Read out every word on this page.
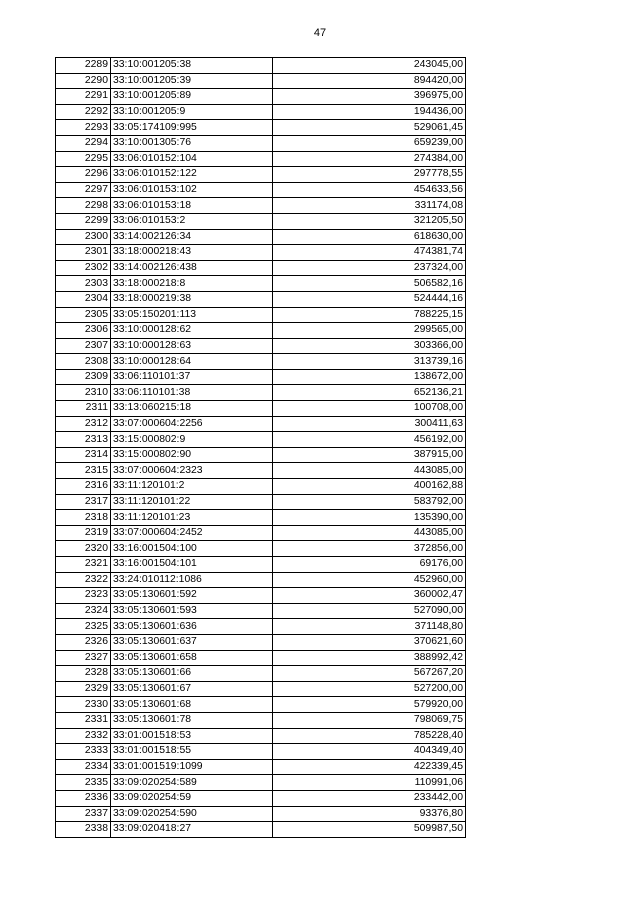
47
2289	33:10:001205:38	243045,00
2290	33:10:001205:39	894420,00
2291	33:10:001205:89	396975,00
2292	33:10:001205:9	194436,00
2293	33:05:174109:995	529061,45
2294	33:10:001305:76	659239,00
2295	33:06:010152:104	274384,00
2296	33:06:010152:122	297778,55
2297	33:06:010153:102	454633,56
2298	33:06:010153:18	331174,08
2299	33:06:010153:2	321205,50
2300	33:14:002126:34	618630,00
2301	33:18:000218:43	474381,74
2302	33:14:002126:438	237324,00
2303	33:18:000218:8	506582,16
2304	33:18:000219:38	524444,16
2305	33:05:150201:113	788225,15
2306	33:10:000128:62	299565,00
2307	33:10:000128:63	303366,00
2308	33:10:000128:64	313739,16
2309	33:06:110101:37	138672,00
2310	33:06:110101:38	652136,21
2311	33:13:060215:18	100708,00
2312	33:07:000604:2256	300411,63
2313	33:15:000802:9	456192,00
2314	33:15:000802:90	387915,00
2315	33:07:000604:2323	443085,00
2316	33:11:120101:2	400162,88
2317	33:11:120101:22	583792,00
2318	33:11:120101:23	135390,00
2319	33:07:000604:2452	443085,00
2320	33:16:001504:100	372856,00
2321	33:16:001504:101	69176,00
2322	33:24:010112:1086	452960,00
2323	33:05:130601:592	360002,47
2324	33:05:130601:593	527090,00
2325	33:05:130601:636	371148,80
2326	33:05:130601:637	370621,60
2327	33:05:130601:658	388992,42
2328	33:05:130601:66	567267,20
2329	33:05:130601:67	527200,00
2330	33:05:130601:68	579920,00
2331	33:05:130601:78	798069,75
2332	33:01:001518:53	785228,40
2333	33:01:001518:55	404349,40
2334	33:01:001519:1099	422339,45
2335	33:09:020254:589	110991,06
2336	33:09:020254:59	233442,00
2337	33:09:020254:590	93376,80
2338	33:09:020418:27	509987,50
